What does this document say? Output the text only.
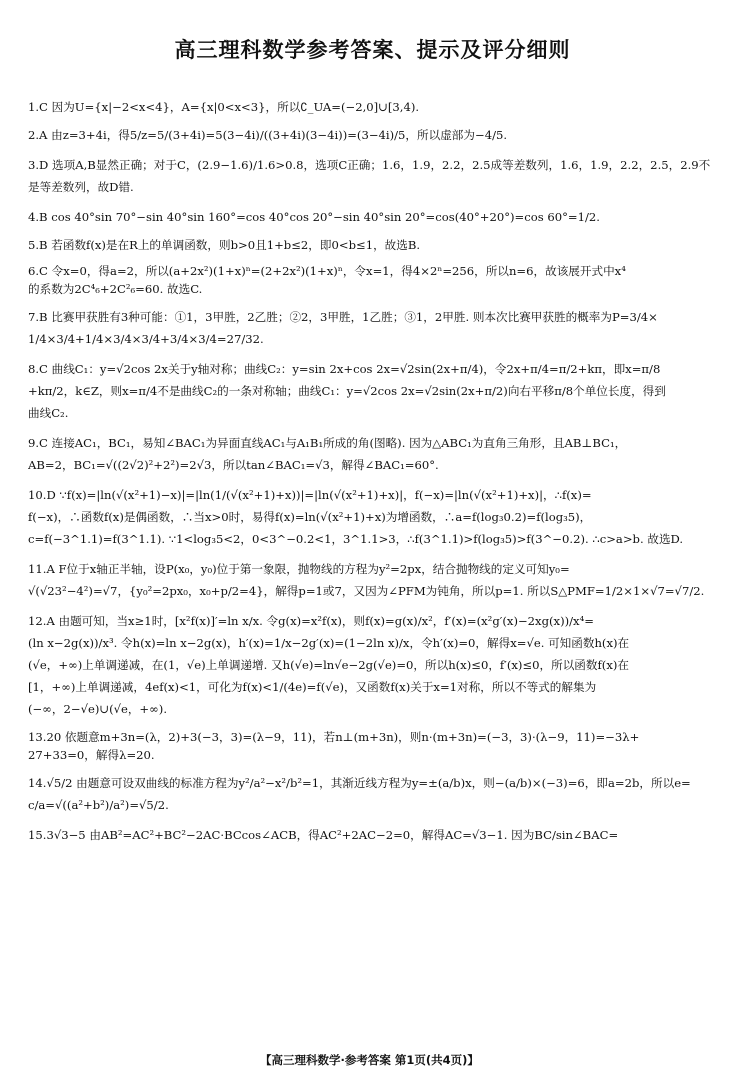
高三理科数学参考答案、提示及评分细则
1.C 因为U={x|−2<x<4}，A={x|0<x<3}，所以∁_UA=(−2,0]∪[3,4).
2.A 由z=3+4i，得5/z=5/(3+4i)=5(3−4i)/((3+4i)(3−4i))=(3−4i)/5，所以虚部为−4/5.
3.D 选项A,B显然正确；对于C，(2.9−1.6)/1.6>0.8，选项C正确；1.6，1.9，2.2，2.5成等差数列，1.6，1.9，2.2，2.5，2.9不
是等差数列，故D错.
4.B cos 40°sin 70°−sin 40°sin 160°=cos 40°cos 20°−sin 40°sin 20°=cos(40°+20°)=cos 60°=1/2.
5.B 若函数f(x)是在R上的单调函数，则b>0且1+b≤2，即0<b≤1，故选B.
6.C 令x=0，得a=2，所以(a+2x²)(1+x)ⁿ=(2+2x²)(1+x)ⁿ，令x=1，得4×2ⁿ=256，所以n=6，故该展开式中x⁴
的系数为2C⁴₆+2C²₆=60. 故选C.
7.B 比赛甲获胜有3种可能：①1，3甲胜，2乙胜；②2，3甲胜，1乙胜；③1，2甲胜. 则本次比赛甲获胜的概率为P=3/4×
1/4×3/4+1/4×3/4×3/4+3/4×3/4=27/32.
8.C 曲线C₁：y=√2cos 2x关于y轴对称；曲线C₂：y=sin 2x+cos 2x=√2sin(2x+π/4)，令2x+π/4=π/2+kπ，即x=π/8
+kπ/2，k∈Z，则x=π/4不是曲线C₂的一条对称轴；曲线C₁：y=√2cos 2x=√2sin(2x+π/2)向右平移π/8个单位长度，得到
曲线C₂.
9.C 连接AC₁，BC₁，易知∠BAC₁为异面直线AC₁与A₁B₁所成的角(图略). 因为△ABC₁为直角三角形，且AB⊥BC₁，
AB=2，BC₁=√((2√2)²+2²)=2√3，所以tan∠BAC₁=√3，解得∠BAC₁=60°.
10.D ∵f(x)=|ln(√(x²+1)−x)|=|ln(1/(√(x²+1)+x))|=|ln(√(x²+1)+x)|，f(−x)=|ln(√(x²+1)+x)|，∴f(x)=
f(−x)，∴函数f(x)是偶函数，∴当x>0时，易得f(x)=ln(√(x²+1)+x)为增函数，∴a=f(log₃0.2)=f(log₃5)，
c=f(−3^1.1)=f(3^1.1). ∵1<log₃5<2，0<3^−0.2<1，3^1.1>3，∴f(3^1.1)>f(log₃5)>f(3^−0.2). ∴c>a>b. 故选D.
11.A F位于x轴正半轴，设P(x₀，y₀)位于第一象限，抛物线的方程为y²=2px，结合抛物线的定义可知y₀=
√(√23²−4²)=√7，{y₀²=2px₀，x₀+p/2=4}，解得p=1或7，又因为∠PFM为钝角，所以p=1. 所以S△PMF=1/2×1×√7=√7/2.
12.A 由题可知，当x≥1时，[x²f(x)]′=ln x/x. 令g(x)=x²f(x)，则f(x)=g(x)/x²，f′(x)=(x²g′(x)−2xg(x))/x⁴=
(ln x−2g(x))/x³. 令h(x)=ln x−2g(x)，h′(x)=1/x−2g′(x)=(1−2ln x)/x，令h′(x)=0，解得x=√e. 可知函数h(x)在
(√e，+∞)上单调递减，在(1，√e)上单调递增. 又h(√e)=ln√e−2g(√e)=0，所以h(x)≤0，f′(x)≤0，所以函数f(x)在
[1，+∞)上单调递减，4ef(x)<1，可化为f(x)<1/(4e)=f(√e)，又函数f(x)关于x=1对称，所以不等式的解集为
(−∞，2−√e)∪(√e，+∞).
13.20 依题意m+3n=(λ，2)+3(−3，3)=(λ−9，11)，若n⊥(m+3n)，则n·(m+3n)=(−3，3)·(λ−9，11)=−3λ+
27+33=0，解得λ=20.
14.√5/2 由题意可设双曲线的标准方程为y²/a²−x²/b²=1，其渐近线方程为y=±(a/b)x，则−(a/b)×(−3)=6，即a=2b，所以e=
c/a=√((a²+b²)/a²)=√5/2.
15.3√3−5 由AB²=AC²+BC²−2AC·BCcos∠ACB，得AC²+2AC−2=0，解得AC=√3−1. 因为BC/sin∠BAC=
【高三理科数学·参考答案 第1页(共4页)】
